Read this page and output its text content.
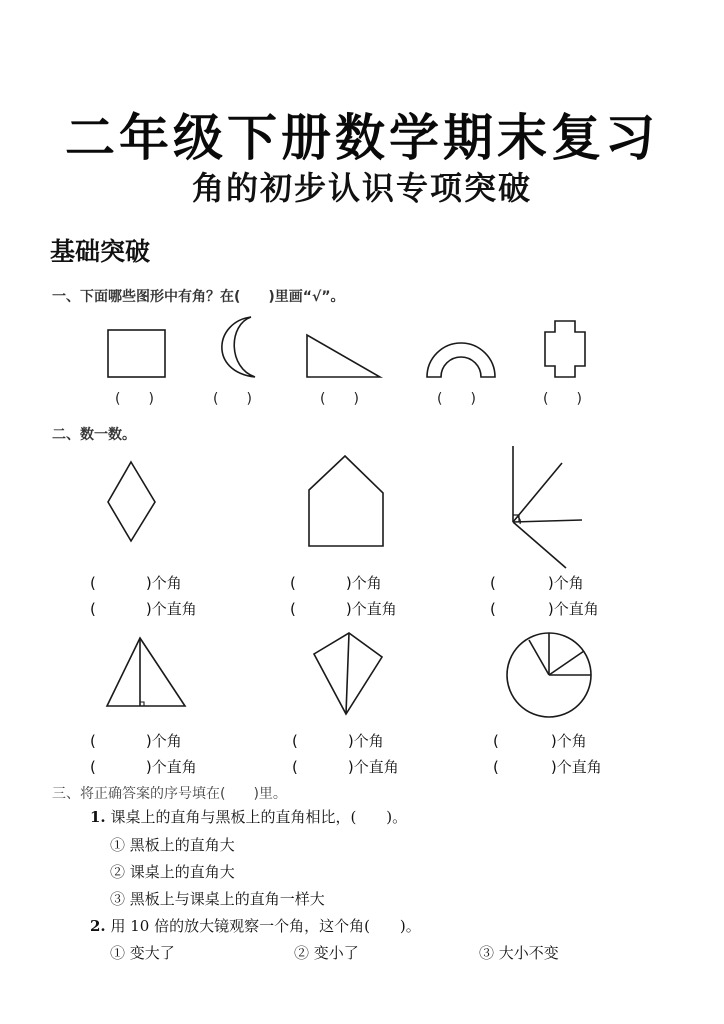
二年级下册数学期末复习
角的初步认识专项突破
基础突破
一、下面哪些图形中有角？在(　　)里画“√”。
(　　)	(　　)	(　　)	(　　)	(　　)
二、数一数。
(	)个角
(	)个直角
(	)个角
(	)个直角
(	)个角
(	)个直角
(	)个角
(	)个直角
(	)个角
(	)个直角
(	)个角
(	)个直角
三、将正确答案的序号填在(　　)里。
1. 课桌上的直角与黑板上的直角相比，(　　)。
① 黑板上的直角大
② 课桌上的直角大
③ 黑板上与课桌上的直角一样大
2. 用 10 倍的放大镜观察一个角，这个角(　　)。
① 变大了	② 变小了	③ 大小不变
